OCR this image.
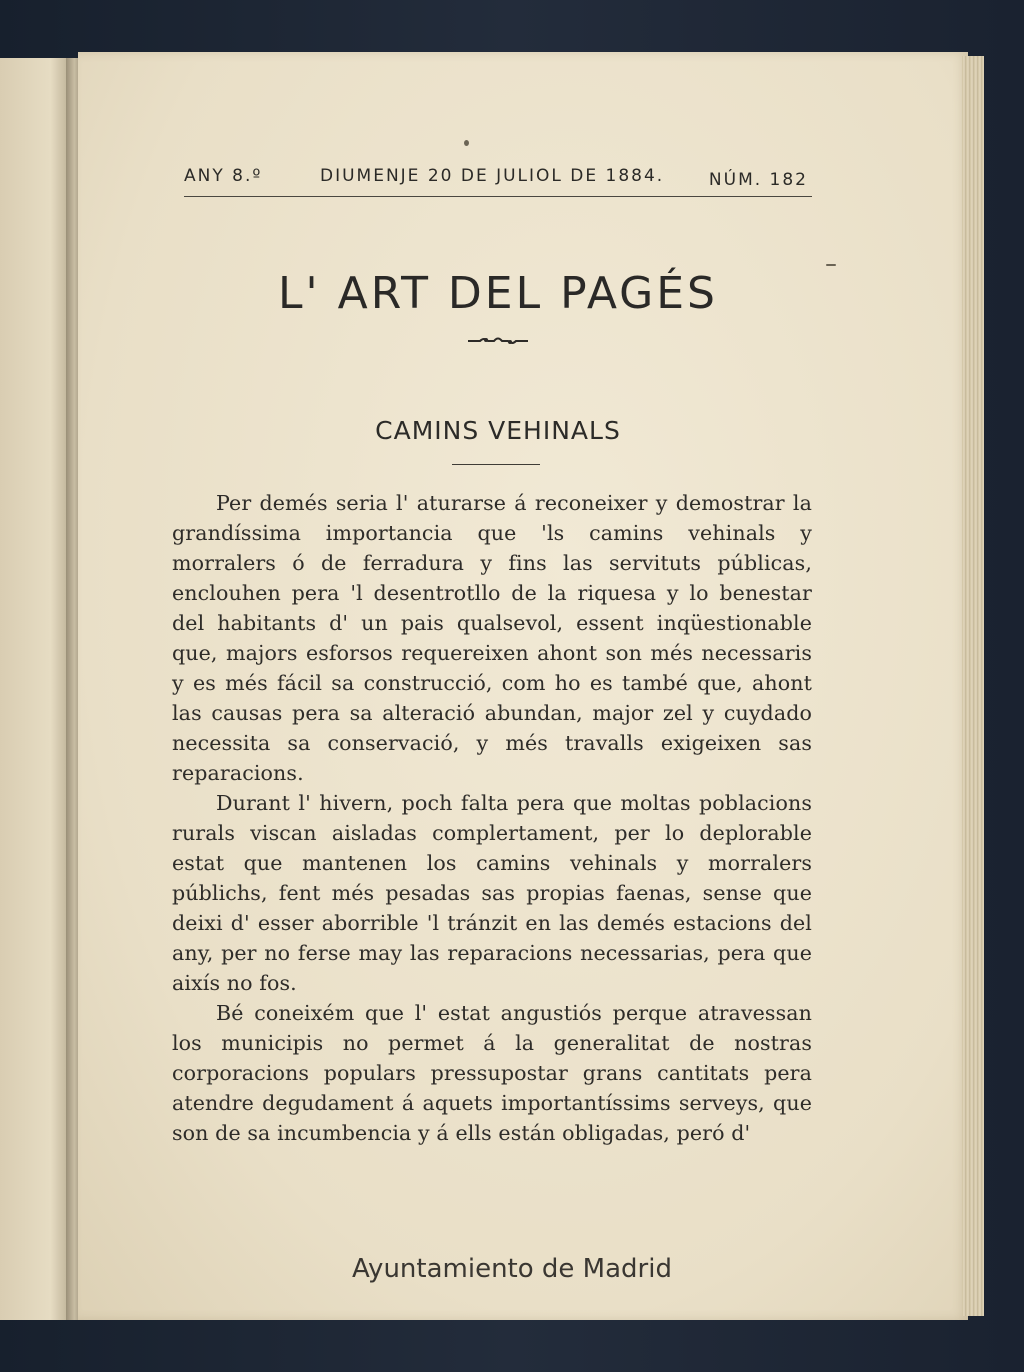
ANY 8.º	DIUMENJE 20 DE JULIOL DE 1884.	NÚM. 182
L' ART DEL PAGÉS
CAMINS VEHINALS

Per demés seria l' aturarse á reconeixer y demostrar la grandíssima importancia que 'ls camins vehinals y morralers ó de ferradura y fins las servituts públicas, enclouhen pera 'l desentrotllo de la riquesa y lo benestar del habitants d' un pais qualsevol, essent inqüestionable que, majors esforsos requereixen ahont son més necessaris y es més fácil sa construcció, com ho es també que, ahont las causas pera sa alteració abundan, major zel y cuydado necessita sa conservació, y més travalls exigeixen sas reparacions.

Durant l' hivern, poch falta pera que moltas poblacions rurals viscan aisladas complertament, per lo deplorable estat que mantenen los camins vehinals y morralers públichs, fent més pesadas sas propias faenas, sense que deixi d' esser aborrible 'l tránzit en las demés estacions del any, per no ferse may las reparacions necessarias, pera que aixís no fos.

Bé coneixém que l' estat angustiós perque atravessan los municipis no permet á la generalitat de nostras corporacions populars pressupostar grans cantitats pera atendre degudament á aquets importantíssims serveys, que son de sa incumbencia y á ells están obligadas, peró d'

Ayuntamiento de Madrid
